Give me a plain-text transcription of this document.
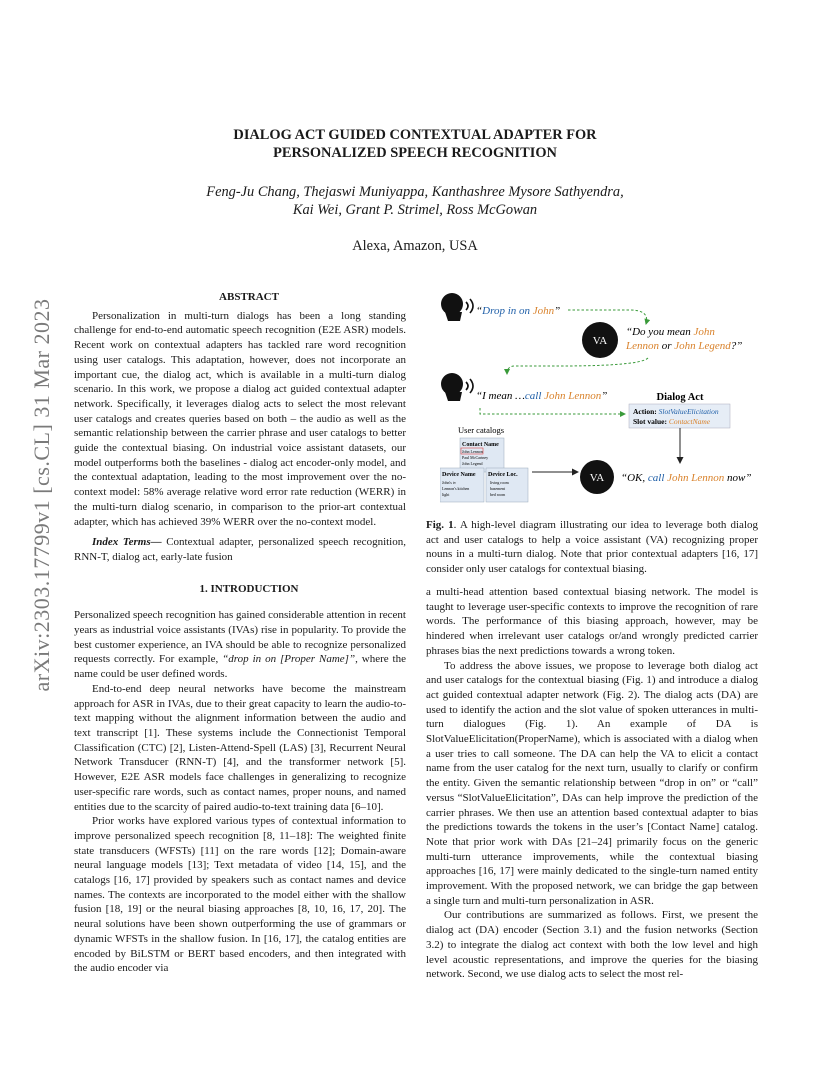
arXiv:2303.17799v1 [cs.CL] 31 Mar 2023
DIALOG ACT GUIDED CONTEXTUAL ADAPTER FOR
PERSONALIZED SPEECH RECOGNITION
Feng-Ju Chang, Thejaswi Muniyappa, Kanthashree Mysore Sathyendra,
Kai Wei, Grant P. Strimel, Ross McGowan
Alexa, Amazon, USA

ABSTRACT

Personalization in multi-turn dialogs has been a long standing challenge for end-to-end automatic speech recognition (E2E ASR) models. Recent work on contextual adapters has tackled rare word recognition using user catalogs. This adaptation, however, does not incorporate an important cue, the dialog act, which is available in a multi-turn dialog scenario. In this work, we propose a dialog act guided contextual adapter network. Specifically, it leverages dialog acts to select the most relevant user catalogs and creates queries based on both – the audio as well as the semantic relationship between the carrier phrase and user catalogs to better guide the contextual biasing. On industrial voice assistant datasets, our model outperforms both the baselines - dialog act encoder-only model, and the contextual adaptation, leading to the most improvement over the no-context model: 58% average relative word error rate reduction (WERR) in the multi-turn dialog scenario, in comparison to the prior-art contextual adapter, which has achieved 39% WERR over the no-context model.

Index Terms— Contextual adapter, personalized speech recognition, RNN-T, dialog act, early-late fusion

1. INTRODUCTION

Personalized speech recognition has gained considerable attention in recent years as industrial voice assistants (IVAs) rise in popularity. To provide the best customer experience, an IVA should be able to recognize personalized requests correctly. For example, “drop in on [Proper Name]”, where the name could be user defined words.

End-to-end deep neural networks have become the mainstream approach for ASR in IVAs, due to their great capacity to learn the audio-to-text mapping without the alignment information between the audio and text transcript [1]. These systems include the Connectionist Temporal Classification (CTC) [2], Listen-Attend-Spell (LAS) [3], Recurrent Neural Network Transducer (RNN-T) [4], and the transformer network [5]. However, E2E ASR models face challenges in generalizing to recognize user-specific rare words, such as contact names, proper nouns, and named entities due to the scarcity of paired audio-to-text training data [6–10].

Prior works have explored various types of contextual information to improve personalized speech recognition [8, 11–18]: The weighted finite state transducers (WFSTs) [11] on the rare words [12]; Domain-aware neural language models [13]; Text metadata of video [14, 15], and the catalogs [16, 17] provided by speakers such as contact names and device names. The contexts are incorporated to the model either with the shallow fusion [18, 19] or the neural biasing approaches [8, 10, 16, 17, 20]. The neural solutions have been shown outperforming the use of grammars or dynamic WFSTs in the shallow fusion. In [16, 17], the catalog entities are encoded by BiLSTM or BERT based encoders, and then integrated with the audio encoder via

“Drop in on John”
VA
“Do you mean John
Lennon or John Legend?”
“I mean …call John Lennon”	Dialog Act
Action: SlotValueElicitation
Slot value: ContactName
User catalogs
Contact Name
John Lennon
Paul McCartney
John Legend
Device Name
John's tv
Lennon's kitchen
light
Device Loc.
living room
basement
bed room
VA “OK, call John Lennon now”
Fig. 1. A high-level diagram illustrating our idea to leverage both dialog act and user catalogs to help a voice assistant (VA) recognizing proper nouns in a multi-turn dialog. Note that prior contextual adapters [16, 17] consider only user catalogs for contextual biasing.

a multi-head attention based contextual biasing network. The model is taught to leverage user-specific contexts to improve the recognition of rare words. The performance of this biasing approach, however, may be hindered when irrelevant user catalogs or/and wrongly predicted carrier phrases bias the next predictions towards a wrong token.

To address the above issues, we propose to leverage both dialog act and user catalogs for the contextual biasing (Fig. 1) and introduce a dialog act guided contextual adapter network (Fig. 2). The dialog acts (DA) are used to identify the action and the slot value of spoken utterances in multi-turn dialogues (Fig. 1). An example of DA is SlotValueElicitation(ProperName), which is associated with a dialog when a user tries to call someone. The DA can help the VA to elicit a contact name from the user catalog for the next turn, usually to clarify or confirm the entity. Given the semantic relationship between “drop in on” or “call” versus “SlotValueElicitation”, DAs can help improve the prediction of the carrier phrases. We then use an attention based contextual adapter to bias the predictions towards the tokens in the user’s [Contact Name] catalog. Note that prior work with DAs [21–24] primarily focus on the generic multi-turn utterance improvements, while the contextual biasing approaches [16, 17] were mainly dedicated to the single-turn named entity improvement. With the proposed network, we can bridge the gap between a single turn and multi-turn personalization in ASR.

Our contributions are summarized as follows. First, we present the dialog act (DA) encoder (Section 3.1) and the fusion networks (Section 3.2) to integrate the dialog act context with both the low level and high level acoustic representations, and improve the queries for the biasing network. Second, we use dialog acts to select the most rel-
